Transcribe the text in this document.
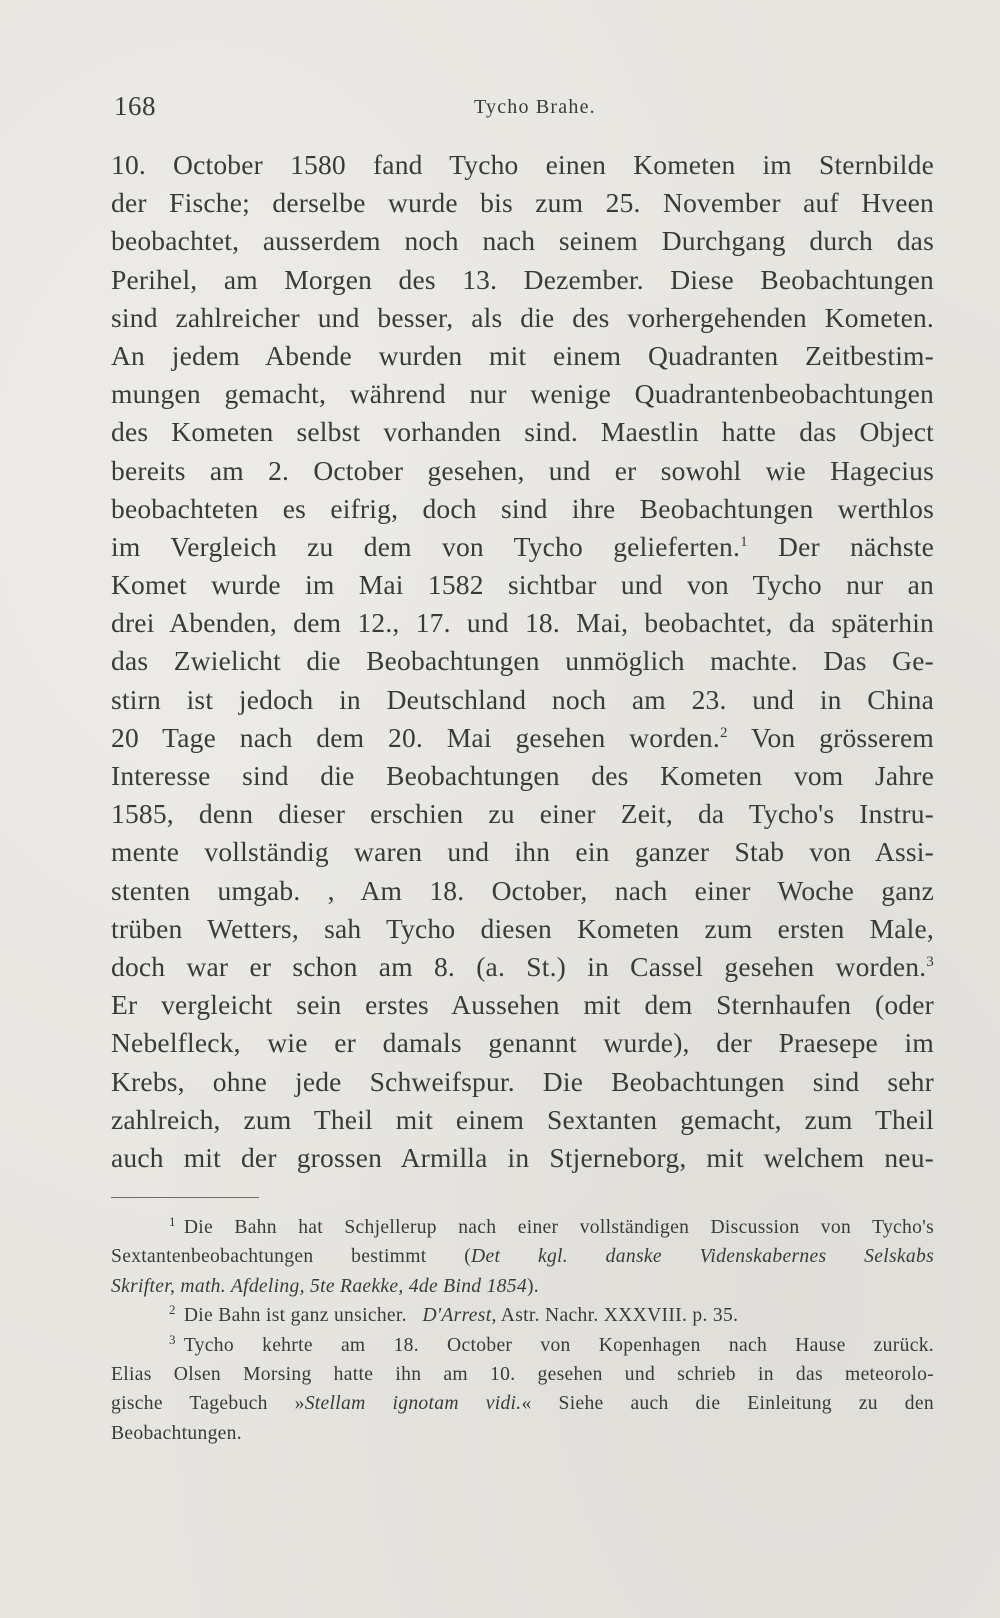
168	Tycho Brahe.
10. October 1580 fand Tycho einen Kometen im Sternbilde
der Fische; derselbe wurde bis zum 25. November auf Hveen
beobachtet, ausserdem noch nach seinem Durchgang durch das
Perihel, am Morgen des 13. Dezember. Diese Beobachtungen
sind zahlreicher und besser, als die des vorhergehenden Kometen.
An jedem Abende wurden mit einem Quadranten Zeitbestim-
mungen gemacht, während nur wenige Quadrantenbeobachtungen
des Kometen selbst vorhanden sind. Maestlin hatte das Object
bereits am 2. October gesehen, und er sowohl wie Hagecius
beobachteten es eifrig, doch sind ihre Beobachtungen werthlos
im Vergleich zu dem von Tycho gelieferten.$^1$ Der nächste
Komet wurde im Mai 1582 sichtbar und von Tycho nur an
drei Abenden, dem 12., 17. und 18. Mai, beobachtet, da späterhin
das Zwielicht die Beobachtungen unmöglich machte. Das Ge-
stirn ist jedoch in Deutschland noch am 23. und in China
20 Tage nach dem 20. Mai gesehen worden.$^2$ Von grösserem
Interesse sind die Beobachtungen des Kometen vom Jahre
1585, denn dieser erschien zu einer Zeit, da Tycho's Instru-
mente vollständig waren und ihn ein ganzer Stab von Assi-
stenten umgab. , Am 18. October, nach einer Woche ganz
trüben Wetters, sah Tycho diesen Kometen zum ersten Male,
doch war er schon am 8. (a. St.) in Cassel gesehen worden.$^3$
Er vergleicht sein erstes Aussehen mit dem Sternhaufen (oder
Nebelfleck, wie er damals genannt wurde), der Praesepe im
Krebs, ohne jede Schweifspur. Die Beobachtungen sind sehr
zahlreich, zum Theil mit einem Sextanten gemacht, zum Theil
auch mit der grossen Armilla in Stjerneborg, mit welchem neu-
$^1$ Die Bahn hat Schjellerup nach einer vollständigen Discussion von Tycho's
Sextantenbeobachtungen bestimmt (Det kgl. danske Videnskabernes Selskabs
Skrifter, math. Afdeling, 5te Raekke, 4de Bind 1854).
$^2$ Die Bahn ist ganz unsicher. D'Arrest, Astr. Nachr. XXXVIII. p. 35.
$^3$ Tycho kehrte am 18. October von Kopenhagen nach Hause zurück.
Elias Olsen Morsing hatte ihn am 10. gesehen und schrieb in das meteorolo-
gische Tagebuch »Stellam ignotam vidi.« Siehe auch die Einleitung zu den
Beobachtungen.
